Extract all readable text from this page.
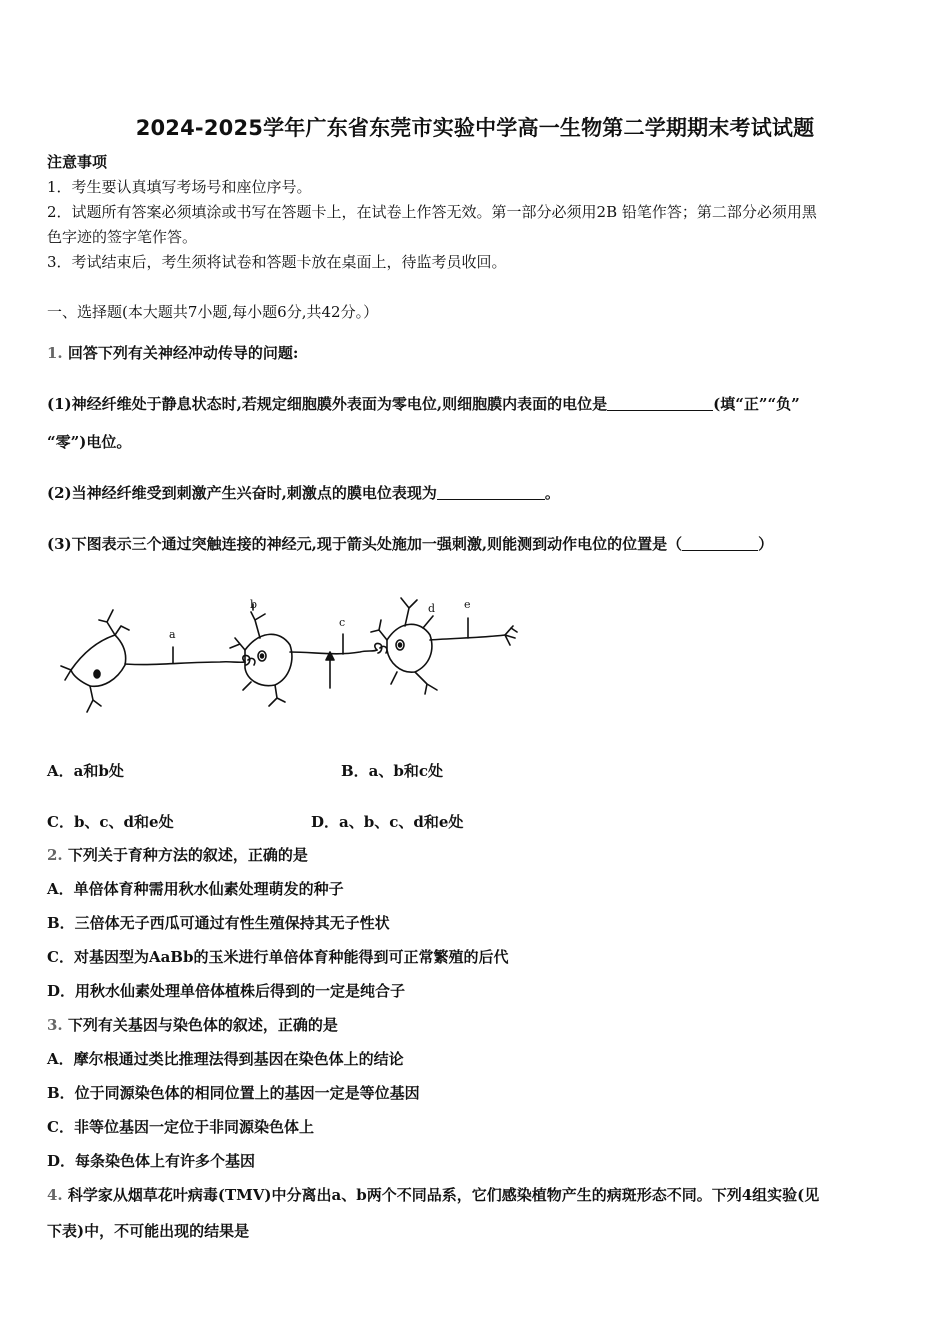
2024-2025学年广东省东莞市实验中学高一生物第二学期期末考试试题
注意事项
1．考生要认真填写考场号和座位序号。
2．试题所有答案必须填涂或书写在答题卡上，在试卷上作答无效。第一部分必须用2B 铅笔作答；第二部分必须用黑
色字迹的签字笔作答。
3．考试结束后，考生须将试卷和答题卡放在桌面上，待监考员收回。
一、选择题(本大题共7小题,每小题6分,共42分。）
1. 回答下列有关神经冲动传导的问题:
(1)神经纤维处于静息状态时,若规定细胞膜外表面为零电位,则细胞膜内表面的电位是	(填“正”“负”
“零”)电位。
(2)当神经纤维受到刺激产生兴奋时,刺激点的膜电位表现为	。
(3)下图表示三个通过突触连接的神经元,现于箭头处施加一强刺激,则能测到动作电位的位置是（	）
a
b
c
d	e
A．a和b处	B．a、b和c处
C．b、c、d和e处	D．a、b、c、d和e处
2. 下列关于育种方法的叙述，正确的是
A．单倍体育种需用秋水仙素处理萌发的种子
B．三倍体无子西瓜可通过有性生殖保持其无子性状
C．对基因型为AaBb的玉米进行单倍体育种能得到可正常繁殖的后代
D．用秋水仙素处理单倍体植株后得到的一定是纯合子
3. 下列有关基因与染色体的叙述，正确的是
A．摩尔根通过类比推理法得到基因在染色体上的结论
B．位于同源染色体的相同位置上的基因一定是等位基因
C．非等位基因一定位于非同源染色体上
D．每条染色体上有许多个基因
4. 科学家从烟草花叶病毒(TMV)中分离出a、b两个不同品系，它们感染植物产生的病斑形态不同。下列4组实验(见
下表)中，不可能出现的结果是
